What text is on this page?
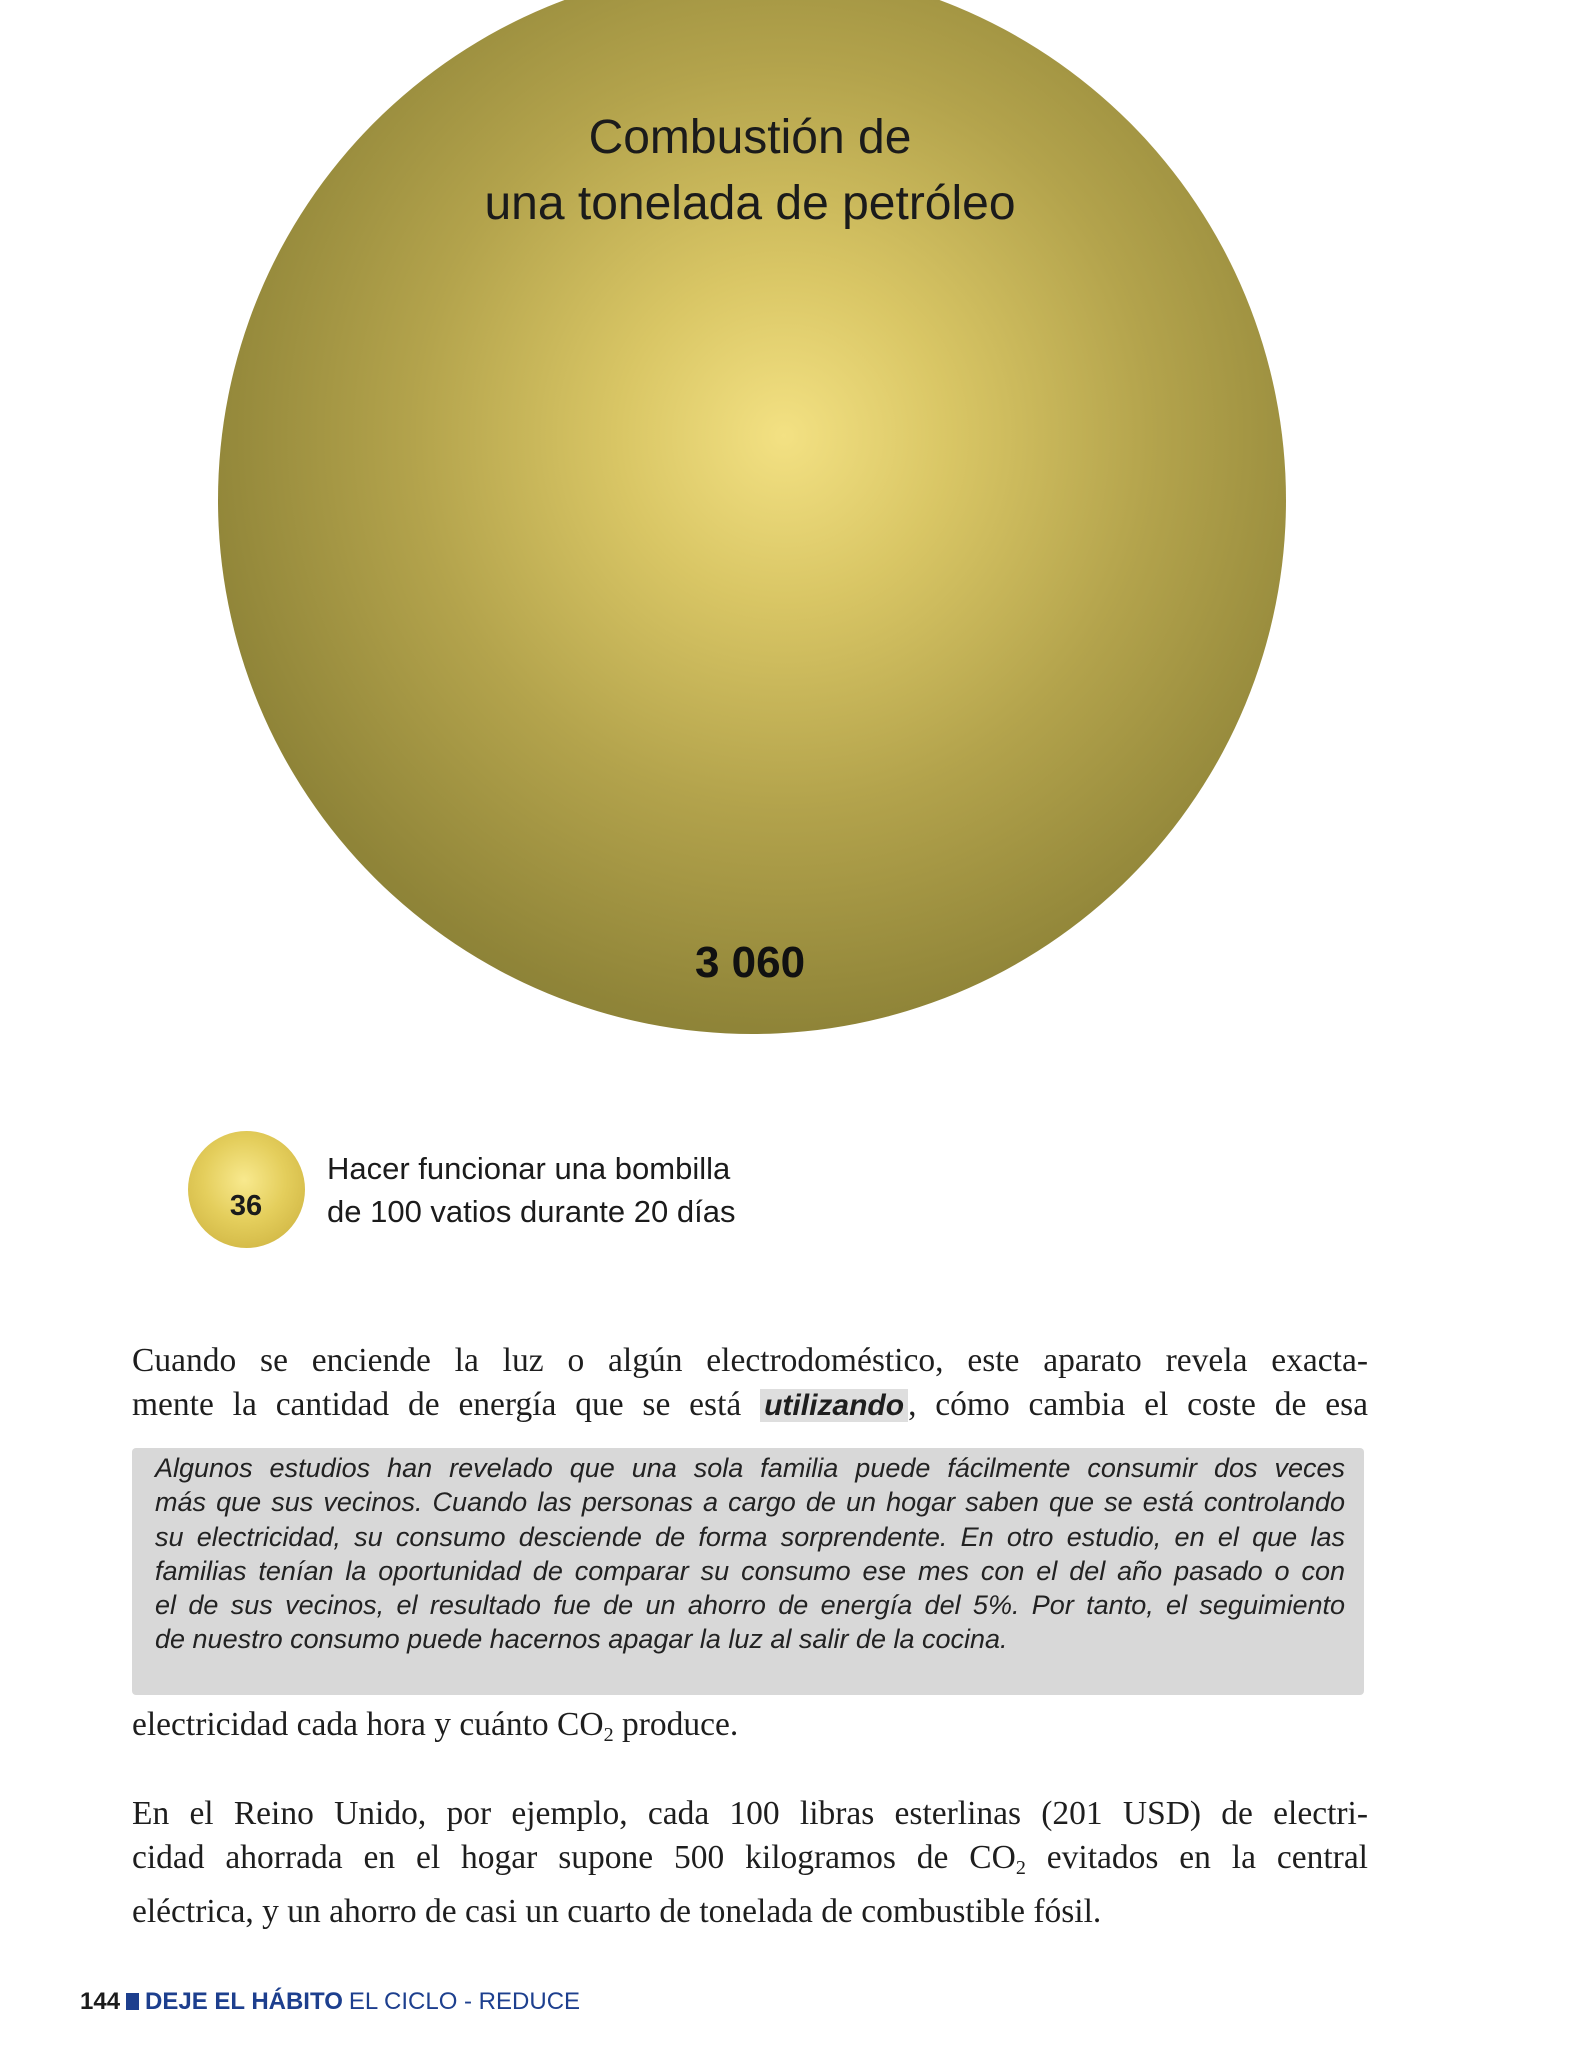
Combustión de
una tonelada de petróleo
3 060
36
Hacer funcionar una bombilla
de 100 vatios durante 20 días
Cuando se enciende la luz o algún electrodoméstico, este aparato revela exacta-
mente la cantidad de energía que se está utilizando , cómo cambia el coste de esa
Algunos estudios han revelado que una sola familia puede fácilmente consumir dos veces
más que sus vecinos. Cuando las personas a cargo de un hogar saben que se está controlando
su electricidad, su consumo desciende de forma sorprendente. En otro estudio, en el que las
familias tenían la oportunidad de comparar su consumo ese mes con el del año pasado o con
el de sus vecinos, el resultado fue de un ahorro de energía del 5%. Por tanto, el seguimiento
de nuestro consumo puede hacernos apagar la luz al salir de la cocina.
electricidad cada hora y cuánto $CO_2$ produce.
En el Reino Unido, por ejemplo, cada 100 libras esterlinas (201 USD) de electri-
cidad ahorrada en el hogar supone 500 kilogramos de $CO_2$ evitados en la central
eléctrica, y un ahorro de casi un cuarto de tonelada de combustible fósil.
144 DEJE EL HÁBITO EL CICLO - REDUCE
